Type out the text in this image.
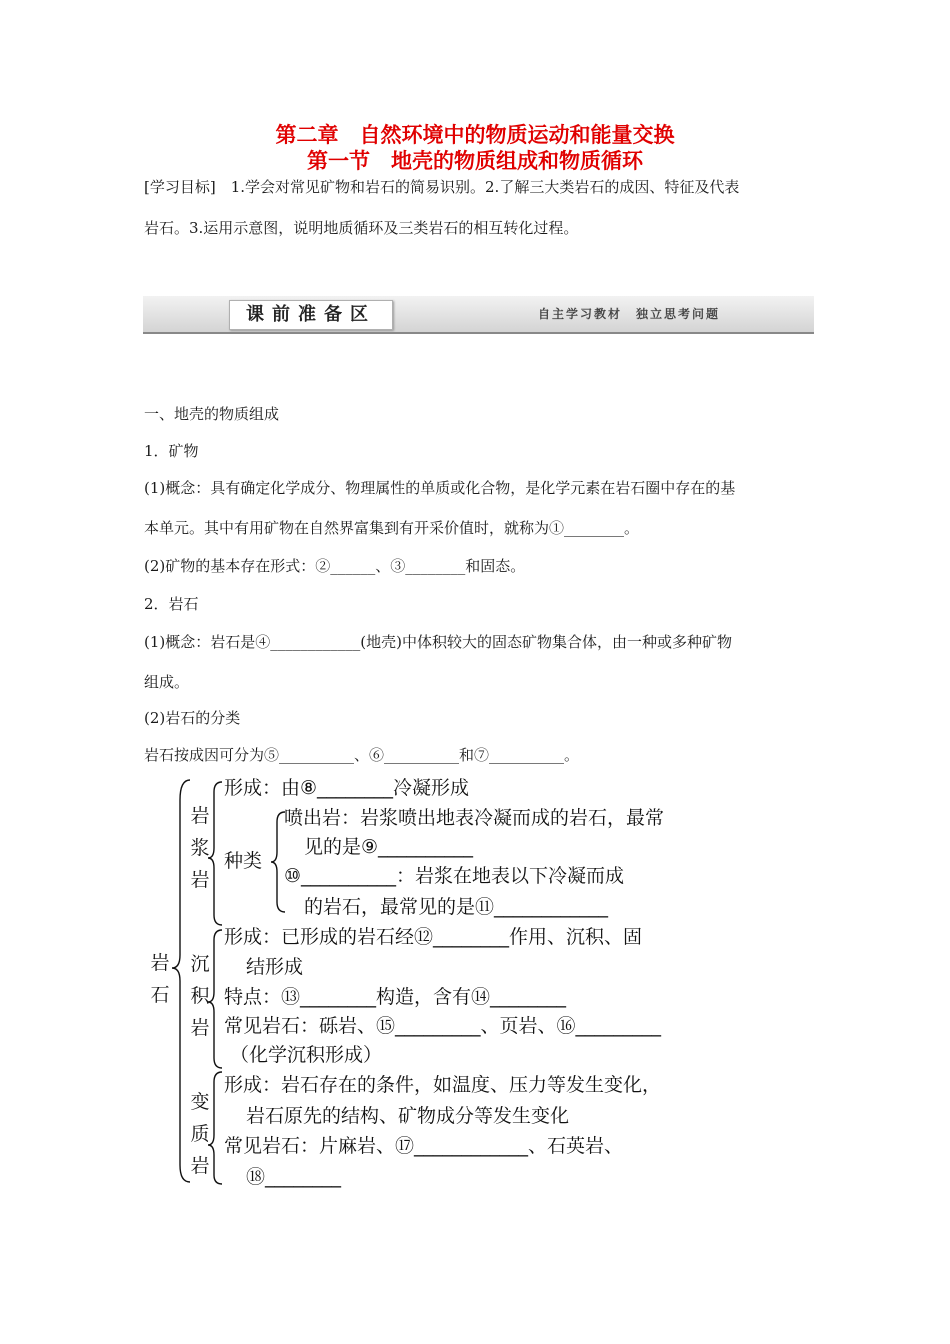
第二章　自然环境中的物质运动和能量交换
第一节　地壳的物质组成和物质循环
[学习目标]　1.学会对常见矿物和岩石的简易识别。2.了解三大类岩石的成因、特征及代表
岩石。3.运用示意图，说明地质循环及三类岩石的相互转化过程。
课前准备区	自主学习教材　独立思考问题
一、地壳的物质组成
1．矿物
(1)概念：具有确定化学成分、物理属性的单质或化合物，是化学元素在岩石圈中存在的基
本单元。其中有用矿物在自然界富集到有开采价值时，就称为①________。
(2)矿物的基本存在形式：②______、③________和固态。
2．岩石
(1)概念：岩石是④____________(地壳)中体积较大的固态矿物集合体，由一种或多种矿物
组成。
(2)岩石的分类
岩石按成因可分为⑤__________、⑥__________和⑦__________。
岩石
岩浆岩
形成：由⑧________冷凝形成
种类
喷出岩：岩浆喷出地表冷凝而成的岩石，最常
见的是⑨__________
⑩__________：岩浆在地表以下冷凝而成
的岩石，最常见的是⑪____________
沉积岩
形成：已形成的岩石经⑫________作用、沉积、固
结形成
特点：⑬________构造，含有⑭________
常见岩石：砾岩、⑮_________、页岩、⑯_________
（化学沉积形成）
变质岩
形成：岩石存在的条件，如温度、压力等发生变化，
岩石原先的结构、矿物成分等发生变化
常见岩石：片麻岩、⑰____________、石英岩、
⑱________
